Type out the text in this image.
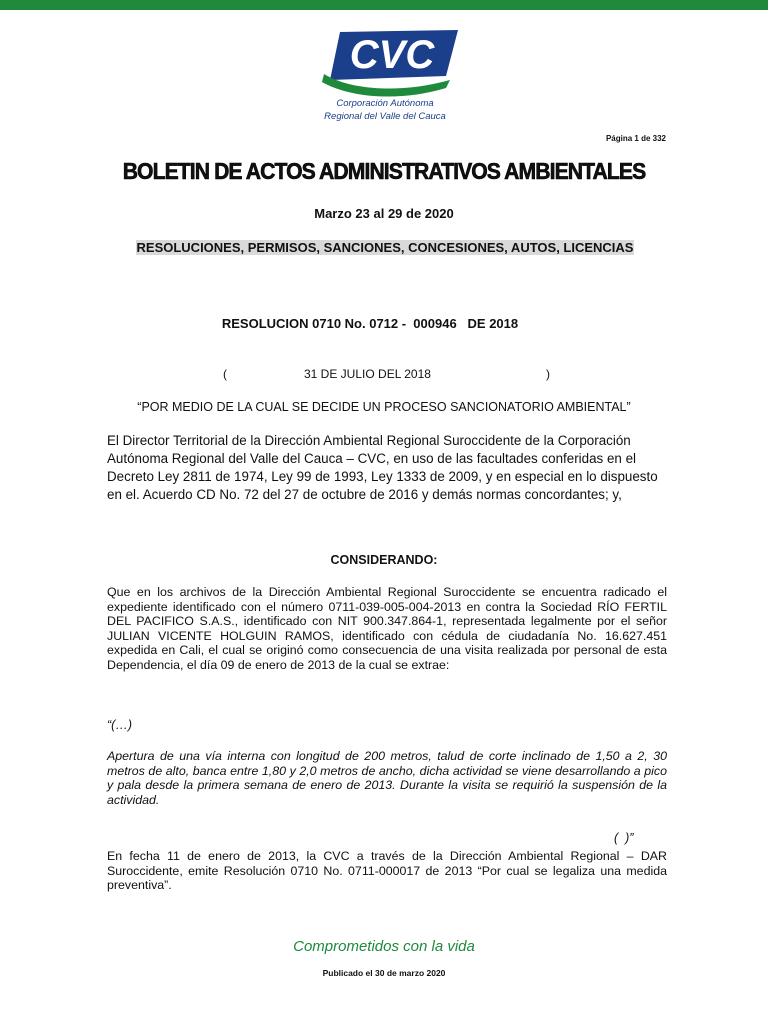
CVC
Corporación Autónoma
Regional del Valle del Cauca
Página 1 de 332
BOLETIN DE ACTOS ADMINISTRATIVOS AMBIENTALES
Marzo 23 al 29 de 2020
RESOLUCIONES, PERMISOS, SANCIONES, CONCESIONES, AUTOS, LICENCIAS
RESOLUCION 0710 No. 0712 -  000946   DE 2018
(	31 DE JULIO DEL 2018	)
“POR MEDIO DE LA CUAL SE DECIDE UN PROCESO SANCIONATORIO AMBIENTAL”

El Director Territorial de la Dirección Ambiental Regional Suroccidente de la Corporación Autónoma Regional del Valle del Cauca – CVC, en uso de las facultades conferidas en el Decreto Ley 2811 de 1974, Ley 99 de 1993, Ley 1333 de 2009, y en especial en lo dispuesto en el. Acuerdo CD No. 72 del 27 de octubre de 2016 y demás normas concordantes; y,

CONSIDERANDO:

Que en los archivos de la Dirección Ambiental Regional Suroccidente se encuentra radicado el expediente identificado con el número 0711-039-005-004-2013 en contra la Sociedad RÍO FERTIL DEL PACIFICO S.A.S., identificado con NIT 900.347.864-1, representada legalmente por el señor JULIAN VICENTE HOLGUIN RAMOS, identificado con cédula de ciudadanía No. 16.627.451 expedida en Cali, el cual se originó como consecuencia de una visita realizada por personal de esta Dependencia, el día 09 de enero de 2013 de la cual se extrae:

“(…)

Apertura de una vía interna con longitud de 200 metros, talud de corte inclinado de 1,50 a 2, 30 metros de alto, banca entre 1,80 y 2,0 metros de ancho, dicha actividad se viene desarrollando a pico y pala desde la primera semana de enero de 2013. Durante la visita se requirió la suspensión de la actividad.

(  )”

En fecha 11 de enero de 2013, la CVC a través de la Dirección Ambiental Regional – DAR Suroccidente, emite Resolución 0710 No. 0711-000017 de 2013 “Por cual se legaliza una medida preventiva”.

Comprometidos con la vida
Publicado el 30 de marzo 2020
